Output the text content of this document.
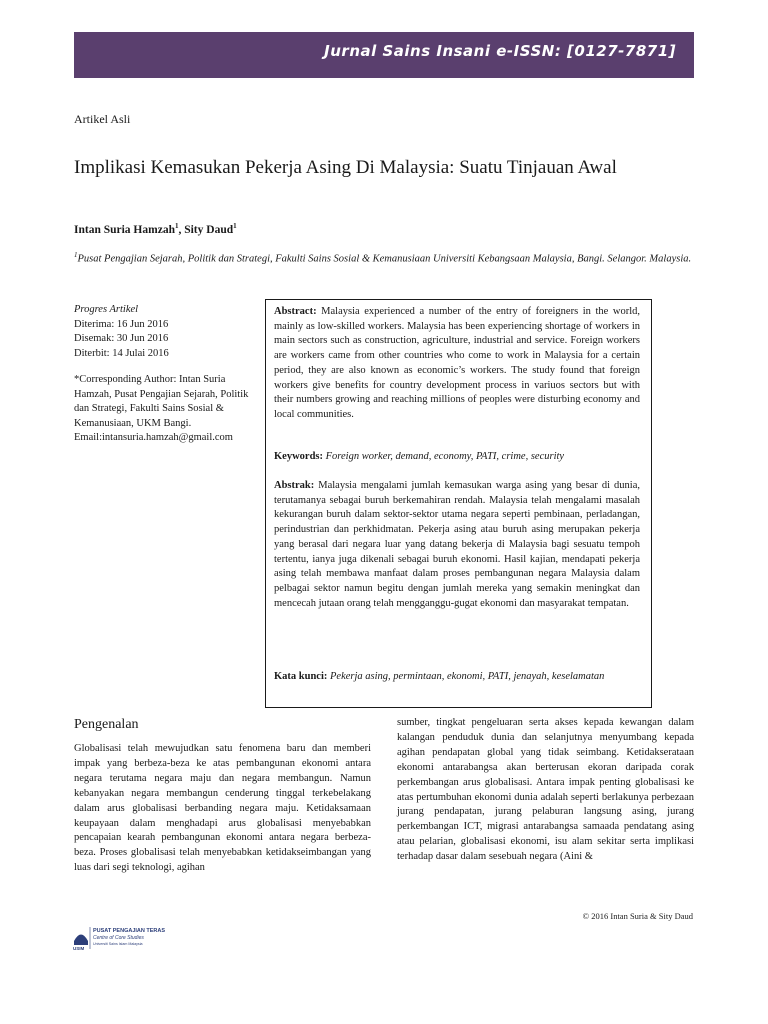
Jurnal Sains Insani e-ISSN: [0127-7871]
Artikel Asli
Implikasi Kemasukan Pekerja Asing Di Malaysia: Suatu Tinjauan Awal
Intan Suria Hamzah$^1$, Sity Daud$^1$
$^1$Pusat Pengajian Sejarah, Politik dan Strategi, Fakulti Sains Sosial & Kemanusiaan Universiti Kebangsaan Malaysia, Bangi. Selangor. Malaysia.
Progres Artikel
Diterima: 16 Jun 2016
Disemak: 30 Jun 2016
Diterbit: 14 Julai 2016
*Corresponding Author: Intan Suria Hamzah, Pusat Pengajian Sejarah, Politik dan Strategi, Fakulti Sains Sosial & Kemanusiaan, UKM Bangi.
Email:intansuria.hamzah@gmail.com
Abstract: Malaysia experienced a number of the entry of foreigners in the world, mainly as low-skilled workers. Malaysia has been experiencing shortage of workers in main sectors such as construction, agriculture, industrial and service. Foreign workers are workers came from other countries who come to work in Malaysia for a certain period, they are also known as economic’s workers. The study found that foreign workers give benefits for country development process in variuos sectors but with their numbers growing and reaching millions of peoples were disturbing economy and local communities.
Keywords: Foreign worker, demand, economy, PATI, crime, security
Abstrak: Malaysia mengalami jumlah kemasukan warga asing yang besar di dunia, terutamanya sebagai buruh berkemahiran rendah. Malaysia telah mengalami masalah kekurangan buruh dalam sektor-sektor utama negara seperti pembinaan, perladangan, perindustrian dan perkhidmatan. Pekerja asing atau buruh asing merupakan pekerja yang berasal dari negara luar yang datang bekerja di Malaysia bagi sesuatu tempoh tertentu, ianya juga dikenali sebagai buruh ekonomi. Hasil kajian, mendapati pekerja asing telah membawa manfaat dalam proses pembangunan negara Malaysia dalam pelbagai sektor namun begitu dengan jumlah mereka yang semakin meningkat dan mencecah jutaan orang telah mengganggu-gugat ekonomi dan masyarakat tempatan.
Kata kunci: Pekerja asing, permintaan, ekonomi, PATI, jenayah, keselamatan
Pengenalan
Globalisasi telah mewujudkan satu fenomena baru dan memberi impak yang berbeza-beza ke atas pembangunan ekonomi antara negara terutama negara maju dan negara membangun. Namun kebanyakan negara membangun cenderung tinggal terkebelakang dalam arus globalisasi berbanding negara maju. Ketidaksamaan keupayaan dalam menghadapi arus globalisasi menyebabkan pencapaian kearah pembangunan ekonomi antara negara berbeza-beza. Proses globalisasi telah menyebabkan ketidakseimbangan yang luas dari segi teknologi, agihan
sumber, tingkat pengeluaran serta akses kepada kewangan dalam kalangan penduduk dunia dan selanjutnya menyumbang kepada agihan pendapatan global yang tidak seimbang. Ketidakserataan ekonomi antarabangsa akan berterusan ekoran daripada corak perkembangan arus globalisasi. Antara impak penting globalisasi ke atas pertumbuhan ekonomi dunia adalah seperti berlakunya perbezaan jurang pendapatan, jurang pelaburan langsung asing, jurang perkembangan ICT, migrasi antarabangsa samaada pendatang asing atau pelarian, globalisasi ekonomi, isu alam sekitar serta implikasi terhadap dasar dalam sesebuah negara (Aini &
© 2016 Intan Suria & Sity Daud
USIM
PUSAT PENGAJIAN TERAS
Centre of Core Studies
Universiti Sains Islam Malaysia
